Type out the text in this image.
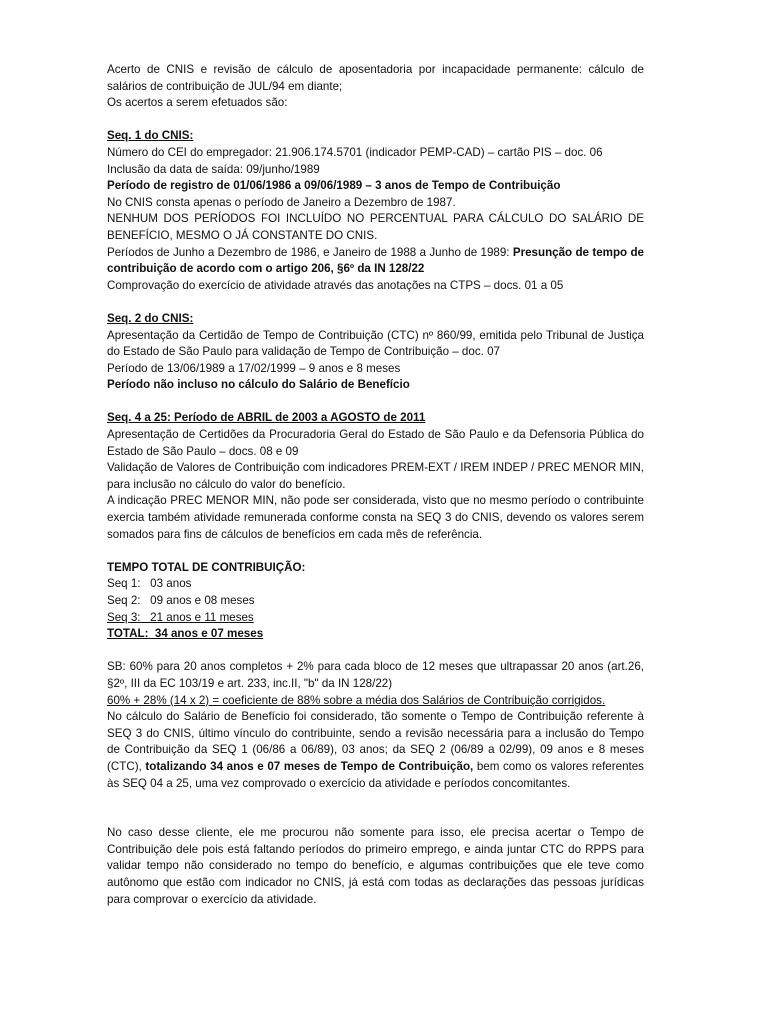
Acerto de CNIS e revisão de cálculo de aposentadoria por incapacidade permanente: cálculo de salários de contribuição de JUL/94 em diante;

Os acertos a serem efetuados são:

Seq. 1 do CNIS:

Número do CEI do empregador: 21.906.174.5701 (indicador PEMP-CAD) – cartão PIS – doc. 06

Inclusão da data de saída: 09/junho/1989

Período de registro de 01/06/1986 a 09/06/1989 – 3 anos de Tempo de Contribuição

No CNIS consta apenas o período de Janeiro a Dezembro de 1987.

NENHUM DOS PERÍODOS FOI INCLUÍDO NO PERCENTUAL PARA CÁLCULO DO SALÁRIO DE BENEFÍCIO, MESMO O JÁ CONSTANTE DO CNIS.

Períodos de Junho a Dezembro de 1986, e Janeiro de 1988 a Junho de 1989: Presunção de tempo de contribuição de acordo com o artigo 206, §6º da IN 128/22

Comprovação do exercício de atividade através das anotações na CTPS – docs. 01 a 05

Seq. 2 do CNIS:

Apresentação da Certidão de Tempo de Contribuição (CTC) nº 860/99, emitida pelo Tribunal de Justiça do Estado de São Paulo para validação de Tempo de Contribuição – doc. 07

Período de 13/06/1989 a 17/02/1999 – 9 anos e 8 meses

Período não incluso no cálculo do Salário de Benefício

Seq. 4 a 25: Período de ABRIL de 2003 a AGOSTO de 2011

Apresentação de Certidões da Procuradoria Geral do Estado de São Paulo e da Defensoria Pública do Estado de São Paulo – docs. 08 e 09

Validação de Valores de Contribuição com indicadores PREM-EXT / IREM INDEP / PREC MENOR MIN, para inclusão no cálculo do valor do benefício.

A indicação PREC MENOR MIN, não pode ser considerada, visto que no mesmo período o contribuinte exercia também atividade remunerada conforme consta na SEQ 3 do CNIS, devendo os valores serem somados para fins de cálculos de benefícios em cada mês de referência.

TEMPO TOTAL DE CONTRIBUIÇÃO:

Seq 1:   03 anos

Seq 2:   09 anos e 08 meses

Seq 3:   21 anos e 11 meses

TOTAL:  34 anos e 07 meses

SB: 60% para 20 anos completos + 2% para cada bloco de 12 meses que ultrapassar 20 anos (art.26, §2º, III da EC 103/19 e art. 233, inc.II, "b" da IN 128/22)

60% + 28% (14 x 2) = coeficiente de 88% sobre a média dos Salários de Contribuição corrigidos.

No cálculo do Salário de Benefício foi considerado, tão somente o Tempo de Contribuição referente à SEQ 3 do CNIS, último vínculo do contribuinte, sendo a revisão necessária para a inclusão do Tempo de Contribuição da SEQ 1 (06/86 a 06/89), 03 anos; da SEQ 2 (06/89 a 02/99), 09 anos e 8 meses (CTC), totalizando 34 anos e 07 meses de Tempo de Contribuição, bem como os valores referentes às SEQ 04 a 25, uma vez comprovado o exercício da atividade e períodos concomitantes.

No caso desse cliente, ele me procurou não somente para isso, ele precisa acertar o Tempo de Contribuição dele pois está faltando períodos do primeiro emprego, e ainda juntar CTC do RPPS para validar tempo não considerado no tempo do benefício, e algumas contribuições que ele teve como autônomo que estão com indicador no CNIS, já está com todas as declarações das pessoas jurídicas para comprovar o exercício da atividade.
